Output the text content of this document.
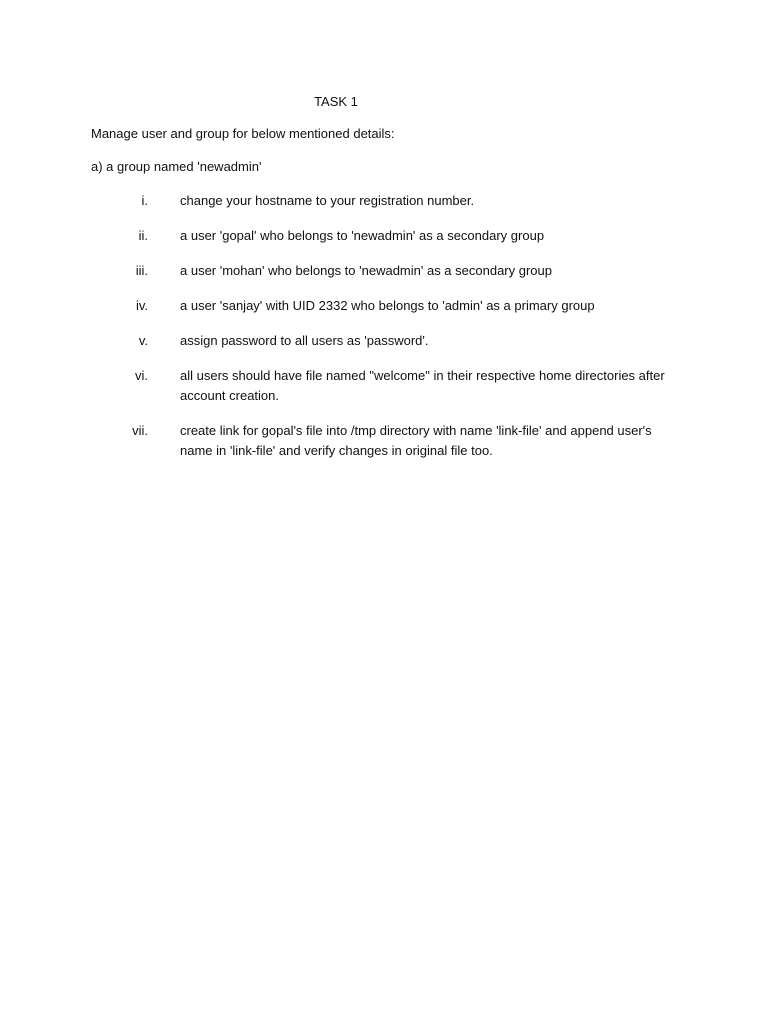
TASK 1
Manage user and group for below mentioned details:
a) a group named 'newadmin'
i. change your hostname to your registration number.
ii. a user 'gopal' who belongs to 'newadmin' as a secondary group
iii. a user 'mohan' who belongs to 'newadmin' as a secondary group
iv. a user 'sanjay' with UID 2332 who belongs to 'admin' as a primary group
v. assign password to all users as 'password'.
vi. all users should have file named "welcome" in their respective home directories after account creation.
vii. create link for gopal's file into /tmp directory with name 'link-file' and append user's name in 'link-file' and verify changes in original file too.
